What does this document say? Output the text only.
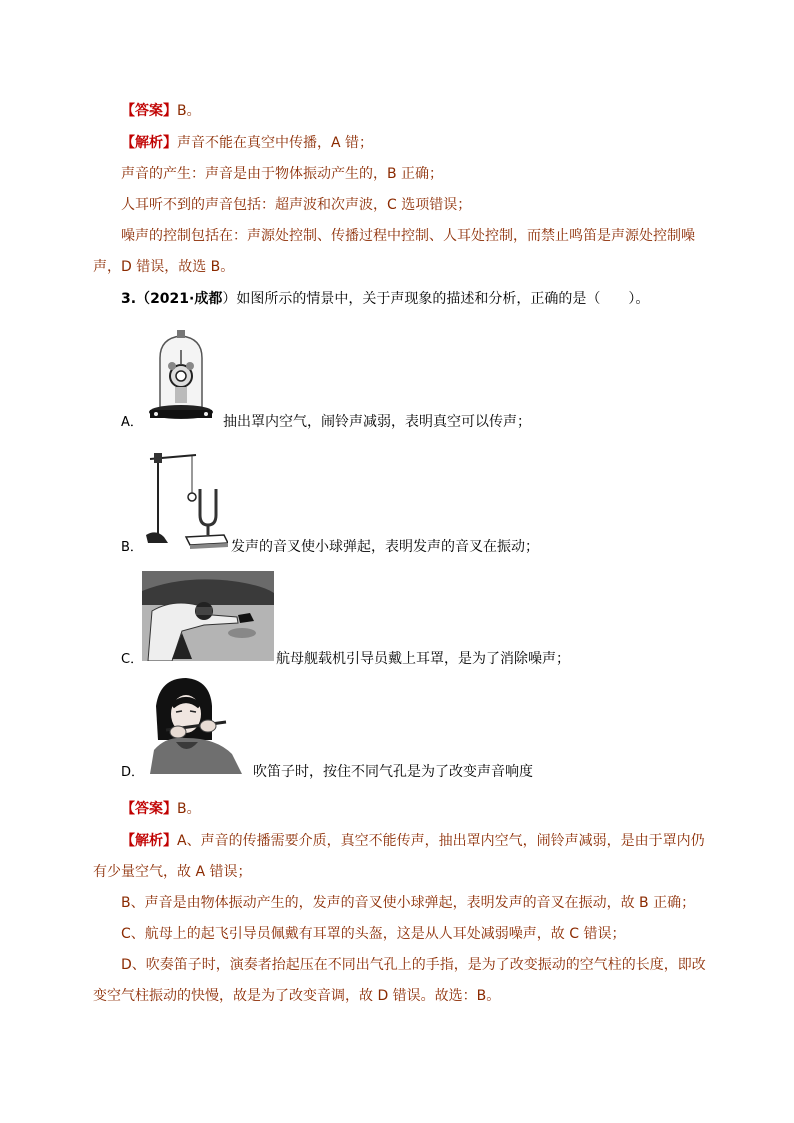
【答案】B。
【解析】声音不能在真空中传播，A 错；
声音的产生：声音是由于物体振动产生的，B 正确；
人耳听不到的声音包括：超声波和次声波，C 选项错误；
噪声的控制包括在：声源处控制、传播过程中控制、人耳处控制，而禁止鸣笛是声源处控制噪
声，D 错误，故选 B。
3.（2021·成都）如图所示的情景中，关于声现象的描述和分析，正确的是（　　）。
A．	抽出罩内空气，闹铃声减弱，表明真空可以传声；
B．	发声的音叉使小球弹起，表明发声的音叉在振动；
C．	航母舰载机引导员戴上耳罩，是为了消除噪声；
D．	吹笛子时，按住不同气孔是为了改变声音响度
【答案】B。
【解析】A、声音的传播需要介质，真空不能传声，抽出罩内空气，闹铃声减弱，是由于罩内仍
有少量空气，故 A 错误；
B、声音是由物体振动产生的，发声的音叉使小球弹起，表明发声的音叉在振动，故 B 正确；
C、航母上的起飞引导员佩戴有耳罩的头盔，这是从人耳处减弱噪声，故 C 错误；
D、吹奏笛子时，演奏者抬起压在不同出气孔上的手指，是为了改变振动的空气柱的长度，即改
变空气柱振动的快慢，故是为了改变音调，故 D 错误。故选：B。
